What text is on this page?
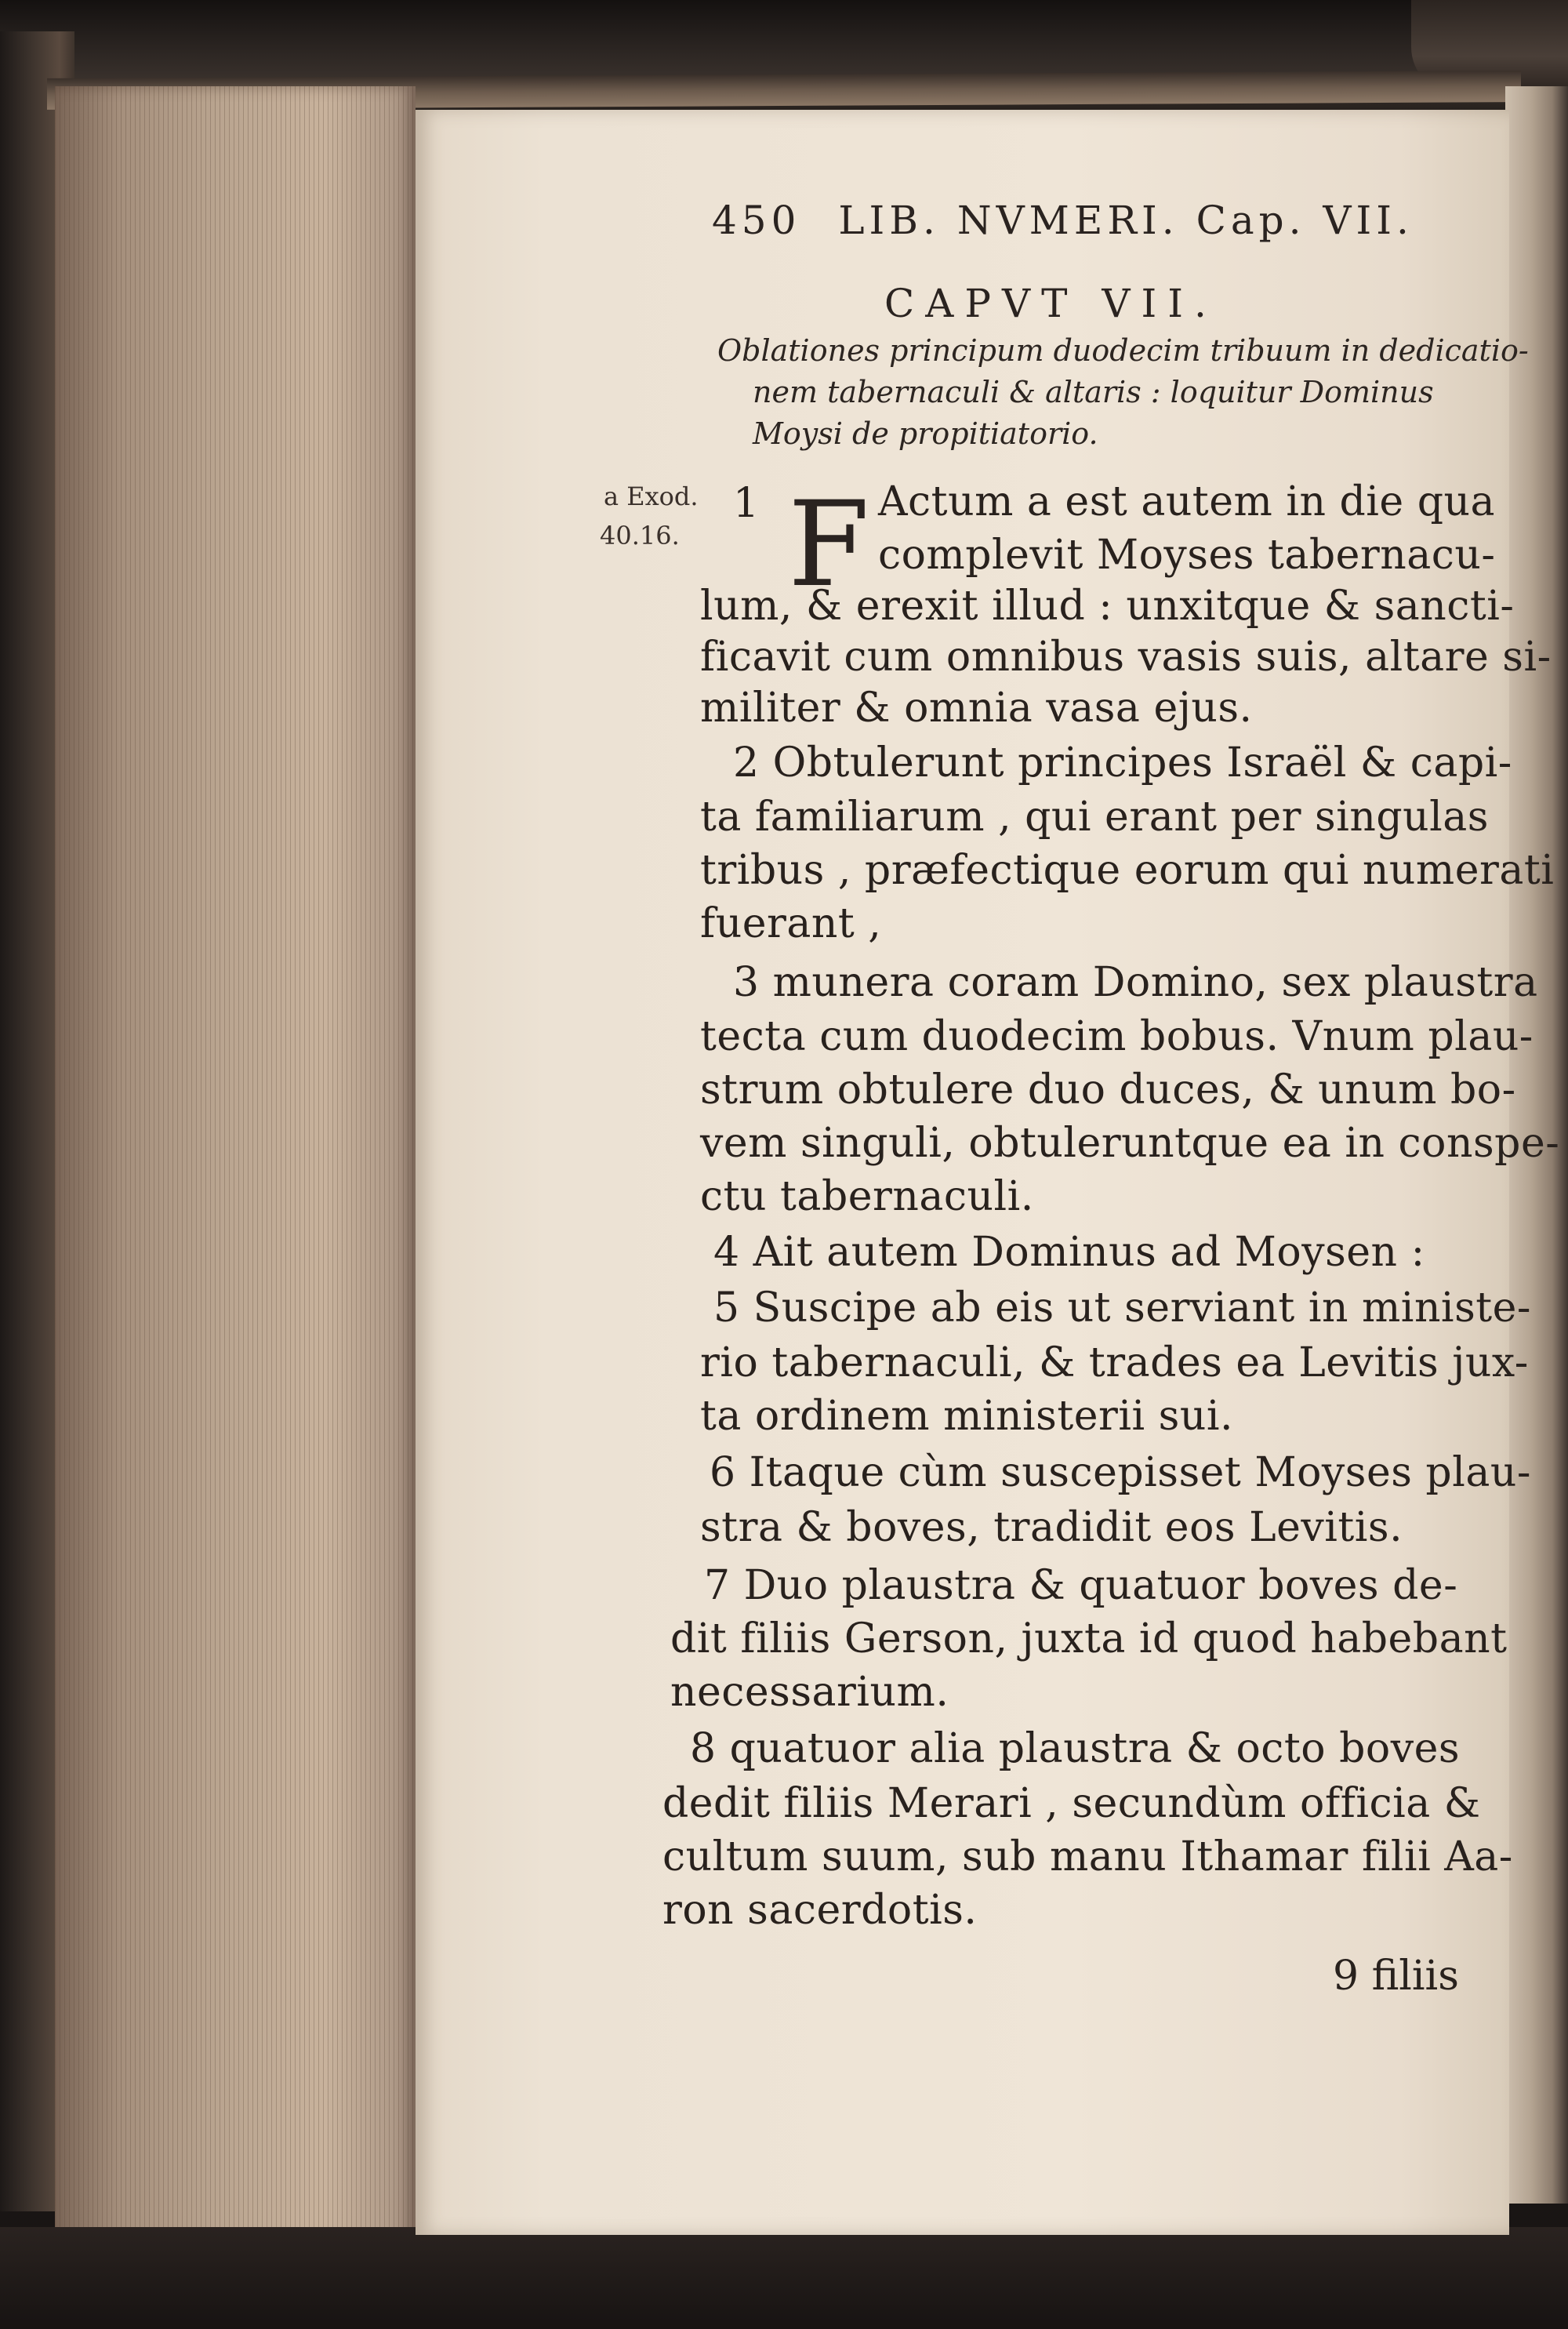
450 LIB. NVMERI. Cap. VII.
CAPVT VII.
Oblationes principum duodecim tribuum in dedicatio-
nem tabernaculi & altaris : loquitur Dominus
Moysi de propitiatorio.
a Exod.
40.16.
1 F Actum a est autem in die qua
complevit Moyses tabernacu-
lum, & erexit illud : unxitque & sancti-
ficavit cum omnibus vasis suis, altare si-
militer & omnia vasa ejus.
2 Obtulerunt principes Israël & capi-
ta familiarum , qui erant per singulas
tribus , præfectique eorum qui numerati
fuerant ,
3 munera coram Domino, sex plaustra
tecta cum duodecim bobus. Vnum plau-
strum obtulere duo duces, & unum bo-
vem singuli, obtuleruntque ea in conspe-
ctu tabernaculi.
4 Ait autem Dominus ad Moysen :
5 Suscipe ab eis ut serviant in ministe-
rio tabernaculi, & trades ea Levitis jux-
ta ordinem ministerii sui.
6 Itaque cùm suscepisset Moyses plau-
stra & boves, tradidit eos Levitis.
7 Duo plaustra & quatuor boves de-
dit filiis Gerson, juxta id quod habebant
necessarium.
8 quatuor alia plaustra & octo boves
dedit filiis Merari , secundùm officia &
cultum suum, sub manu Ithamar filii Aa-
ron sacerdotis.
9 filiis
